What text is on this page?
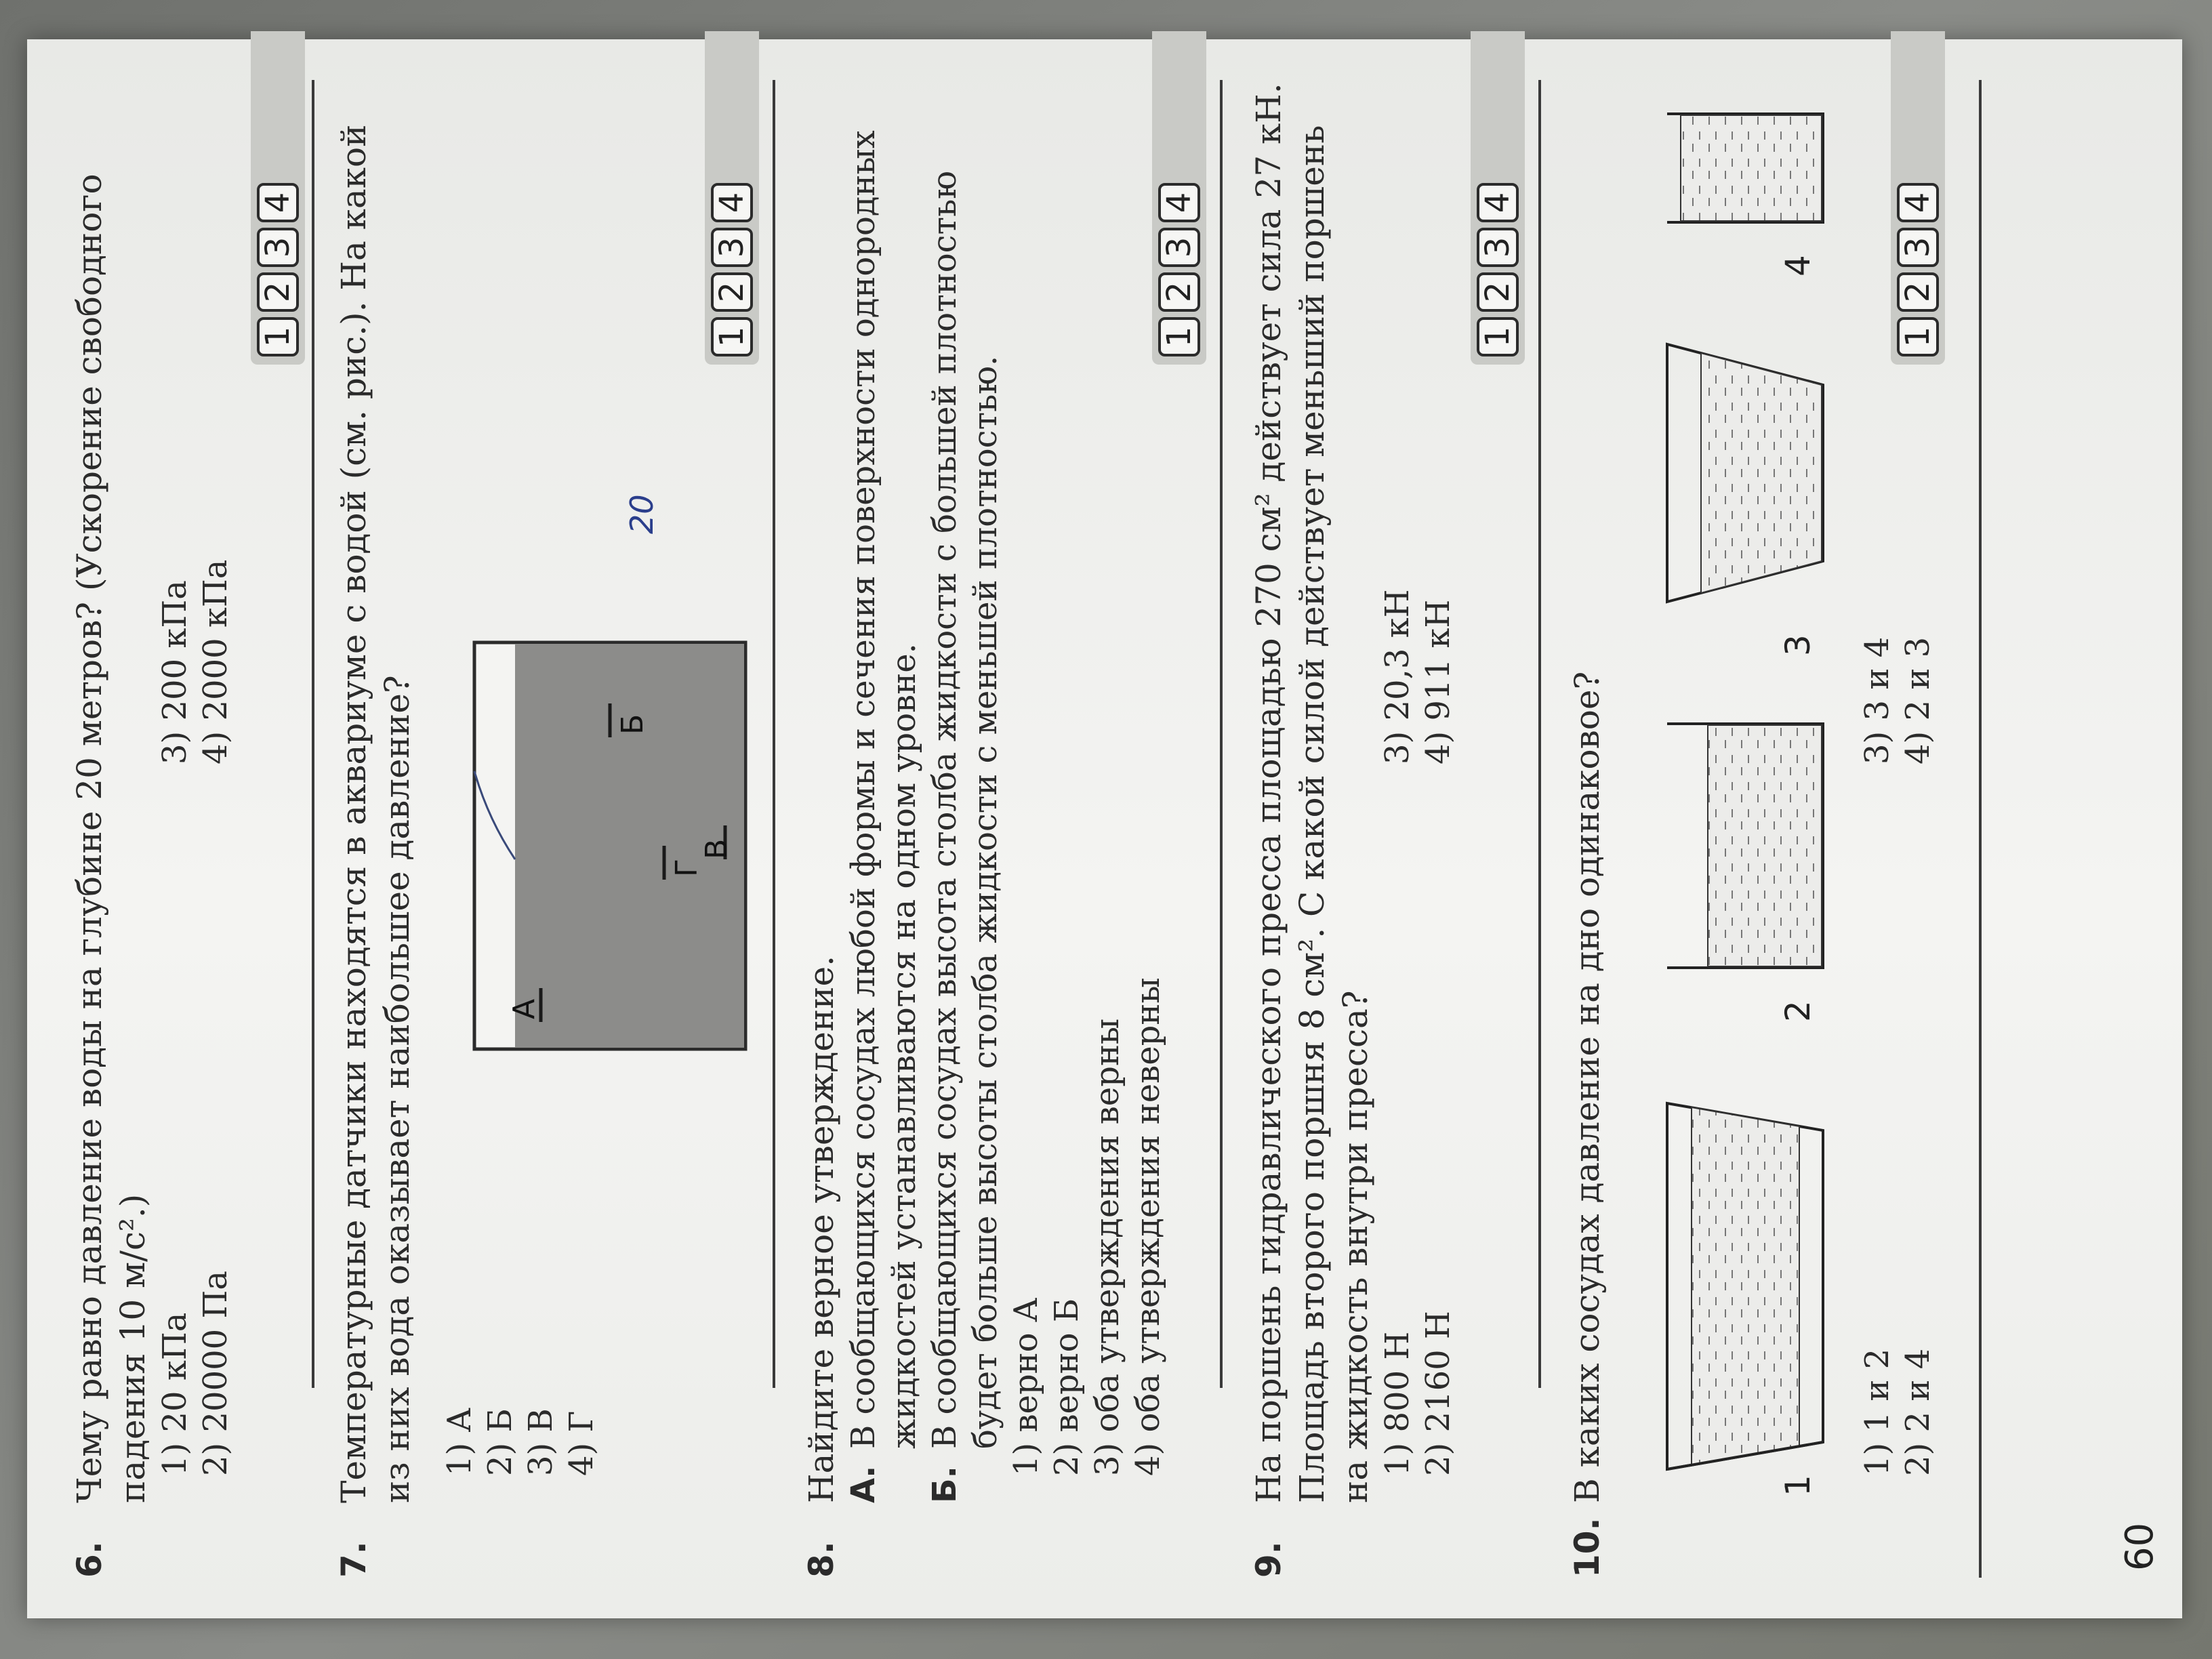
6.
Чему равно давление воды на глубине 20 метров? (Ускорение свободного падения 10 м/с².) 1) 20 кПа 2) 20000 Па
3) 200 кПа 4) 2000 кПа
1
2
3
4
7.
Температурные датчики находятся в аквариуме с водой (см. рис.). На какой из них вода оказывает наибольшее давление? 1) А 2) Б 3) В 4) Г
А
Б
Г
В
20
1
2
3
4
8.
Найдите верное утверждение. А.
В сообщающихся сосудах любой формы и сечения поверхности однородных жидкостей устанавливаются на одном уровне.
Б.
В сообщающихся сосудах высота столба жидкости с большей плотностью будет больше высоты столба жидкости с меньшей плотностью. 1) верно А 2) верно Б 3) оба утверждения верны 4) оба утверждения неверны
1
2
3
4
9.
На поршень гидравлического пресса площадью 270 см² действует сила 27 кН. Площадь второго поршня 8 см². С какой силой действует меньший поршень на жидкость внутри пресса? 1) 800 Н 2) 2160 Н
3) 20,3 кН 4) 911 кН
1
2
3
4
10.
В каких сосудах давление на дно одинаковое?	1
2
3
4
1) 1 и 2 2) 2 и 4
3) 3 и 4 4) 2 и 3
1
2
3
4
60
